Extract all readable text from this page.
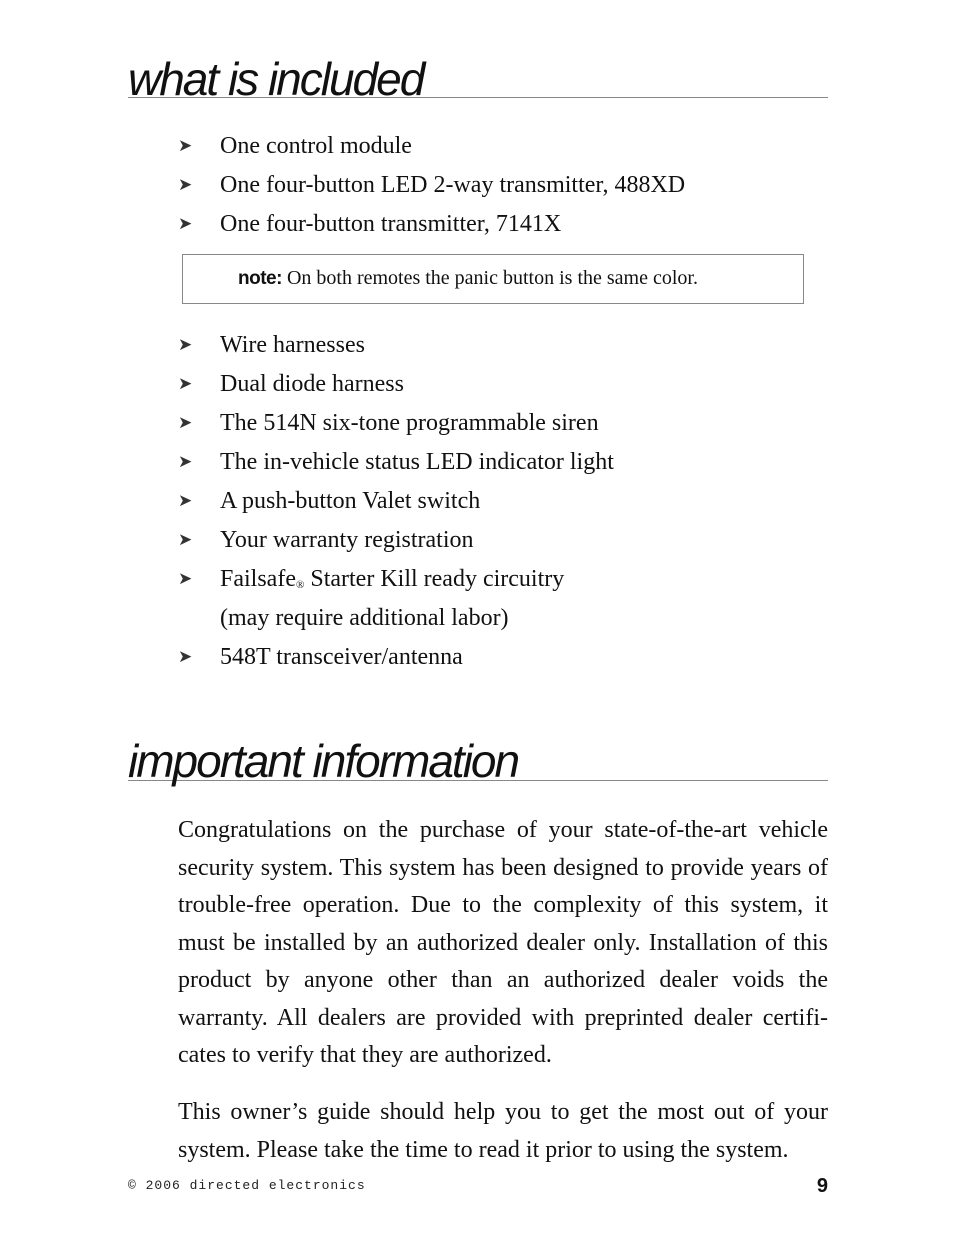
what is included
➤ One control module
➤ One four-button LED 2-way transmitter, 488XD
➤ One four-button transmitter, 7141X
note: On both remotes the panic button is the same color.
➤ Wire harnesses
➤ Dual diode harness
➤ The 514N six-tone programmable siren
➤ The in-vehicle status LED indicator light
➤ A push-button Valet switch
➤ Your warranty registration
➤ Failsafe® Starter Kill ready circuitry
(may require additional labor)
➤ 548T transceiver/antenna
important information

Congratulations on the purchase of your state-of-the-art vehicle security system. This system has been designed to provide years of trouble-free operation. Due to the complexity of this system, it must be installed by an authorized dealer only. Installation of this product by anyone other than an authorized dealer voids the warranty. All dealers are provided with preprinted dealer certificates to verify that they are authorized.

This owner’s guide should help you to get the most out of your system. Please take the time to read it prior to using the system.

© 2006 directed electronics	9
